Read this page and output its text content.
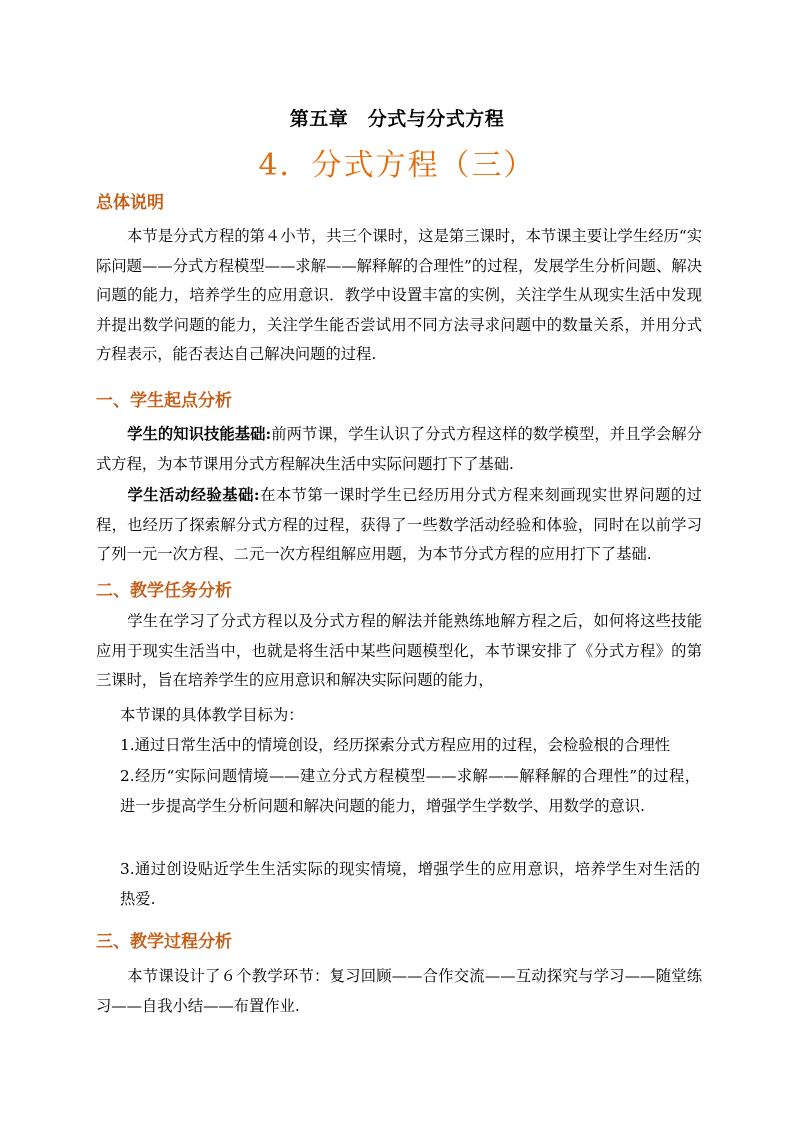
第五章　分式与分式方程
4．分式方程（三）
总体说明
本节是分式方程的第４小节，共三个课时，这是第三课时，本节课主要让学生经历“实际问题——分式方程模型——求解——解释解的合理性”的过程，发展学生分析问题、解决问题的能力，培养学生的应用意识．教学中设置丰富的实例，关注学生从现实生活中发现并提出数学问题的能力，关注学生能否尝试用不同方法寻求问题中的数量关系，并用分式方程表示，能否表达自己解决问题的过程.
一、学生起点分析
学生的知识技能基础:前两节课，学生认识了分式方程这样的数学模型，并且学会解分式方程，为本节课用分式方程解决生活中实际问题打下了基础.
学生活动经验基础:在本节第一课时学生已经历用分式方程来刻画现实世界问题的过程，也经历了探索解分式方程的过程，获得了一些数学活动经验和体验，同时在以前学习了列一元一次方程、二元一次方程组解应用题，为本节分式方程的应用打下了基础.
二、教学任务分析
学生在学习了分式方程以及分式方程的解法并能熟练地解方程之后，如何将这些技能应用于现实生活当中，也就是将生活中某些问题模型化，本节课安排了《分式方程》的第三课时，旨在培养学生的应用意识和解决实际问题的能力，
本节课的具体教学目标为：
1.通过日常生活中的情境创设，经历探索分式方程应用的过程，会检验根的合理性
2.经历“实际问题情境——建立分式方程模型——求解——解释解的合理性”的过程，进一步提高学生分析问题和解决问题的能力，增强学生学数学、用数学的意识.
3.通过创设贴近学生生活实际的现实情境，增强学生的应用意识，培养学生对生活的热爱.
三、教学过程分析
本节课设计了６个教学环节：复习回顾——合作交流——互动探究与学习——随堂练习——自我小结——布置作业.
